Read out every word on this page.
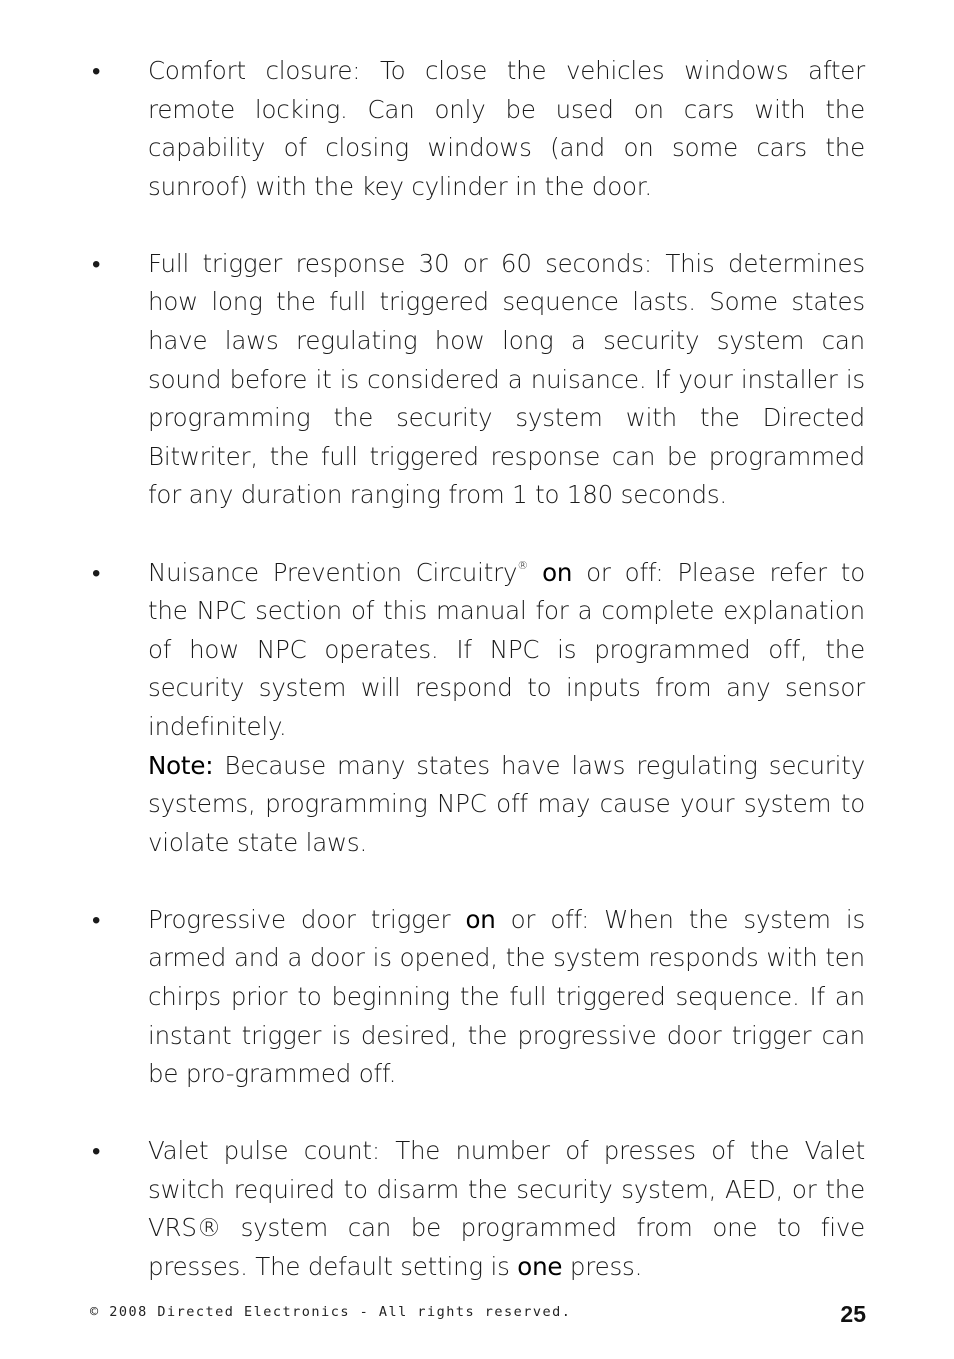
• Comfort closure: To close the vehicles windows after remote locking. Can only be used on cars with the capability of closing windows (and on some cars the sunroof) with the key cylinder in the door.
• Full trigger response 30 or 60 seconds: This determines how long the full triggered sequence lasts. Some states have laws regulating how long a security system can sound before it is considered a nuisance. If your installer is programming the security system with the Directed Bitwriter, the full triggered response can be programmed for any duration ranging from 1 to 180 seconds.
• Nuisance Prevention Circuitry® on or off: Please refer to the NPC section of this manual for a complete explanation of how NPC operates. If NPC is programmed off, the security system will respond to inputs from any sensor indefinitely.
Note: Because many states have laws regulating security systems, programming NPC off may cause your system to violate state laws.
• Progressive door trigger on or off: When the system is armed and a door is opened, the system responds with ten chirps prior to beginning the full triggered sequence. If an instant trigger is desired, the progressive door trigger can be pro-grammed off.
• Valet pulse count: The number of presses of the Valet switch required to disarm the security system, AED, or the VRS® system can be programmed from one to five presses. The default setting is one press.
© 2008 Directed Electronics - All rights reserved.	25
